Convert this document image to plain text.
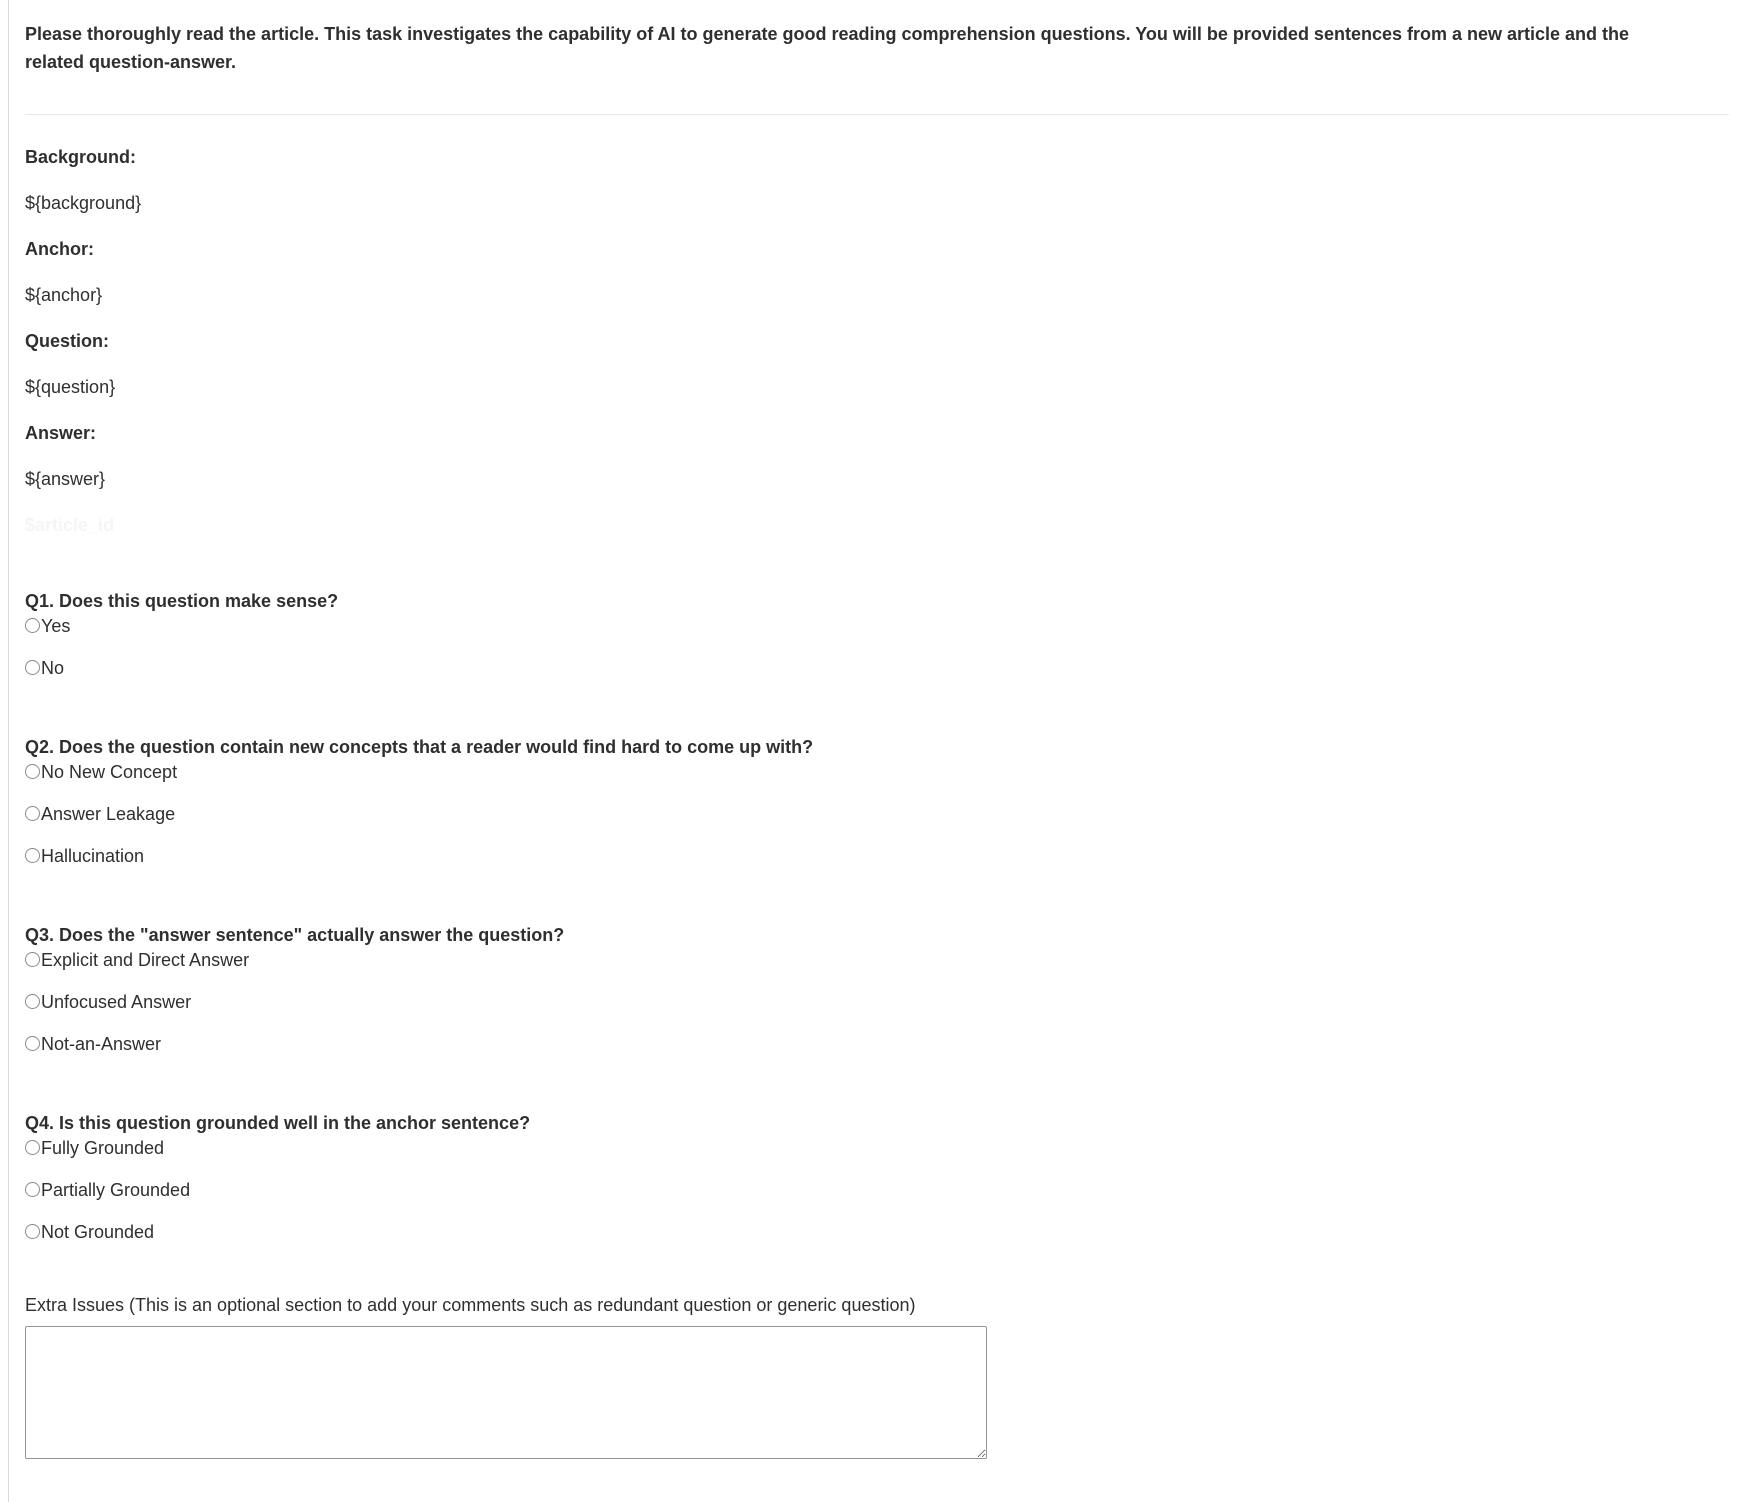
Please thoroughly read the article. This task investigates the capability of AI to generate good reading comprehension questions. You will be provided sentences from a new article and the related question-answer.

Background:

${background}

Anchor:

${anchor}

Question:

${question}

Answer:

${answer}

$article_id

Q1. Does this question make sense?

Yes
No

Q2. Does the question contain new concepts that a reader would find hard to come up with?

No New Concept
Answer Leakage
Hallucination

Q3. Does the "answer sentence" actually answer the question?

Explicit and Direct Answer
Unfocused Answer
Not-an-Answer

Q4. Is this question grounded well in the anchor sentence?

Fully Grounded
Partially Grounded
Not Grounded

Extra Issues (This is an optional section to add your comments such as redundant question or generic question)
